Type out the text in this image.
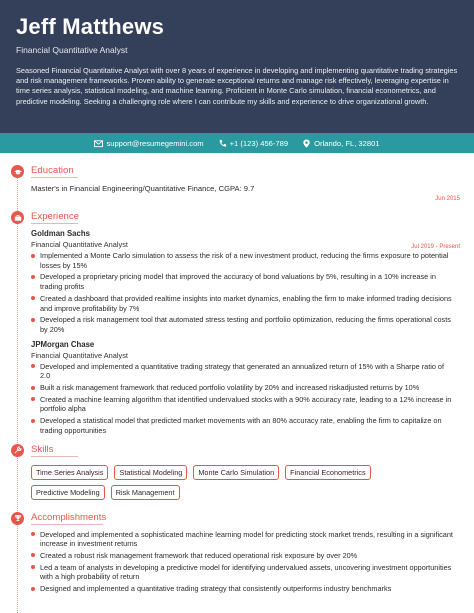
Jeff Matthews
Financial Quantitative Analyst
Seasoned Financial Quantitative Analyst with over 8 years of experience in developing and implementing quantitative trading strategies and risk management frameworks. Proven ability to generate exceptional returns and manage risk effectively, leveraging expertise in time series analysis, statistical modeling, and machine learning. Proficient in Monte Carlo simulation, financial econometrics, and predictive modeling. Seeking a challenging role where I can contribute my skills and experience to drive organizational growth.
support@resumegemini.com	+1 (123) 456-789	Orlando, FL, 32801
Education
Master's in Financial Engineering/Quantitative Finance, CGPA: 9.7
Jun 2015
Experience
Goldman Sachs
Financial Quantitative Analyst	Jul 2019 - Present
Implemented a Monte Carlo simulation to assess the risk of a new investment product, reducing the firms exposure to potential losses by 15%
Developed a proprietary pricing model that improved the accuracy of bond valuations by 5%, resulting in a 10% increase in trading profits
Created a dashboard that provided realtime insights into market dynamics, enabling the firm to make informed trading decisions and improve profitability by 7%
Developed a risk management tool that automated stress testing and portfolio optimization, reducing the firms operational costs by 20%
JPMorgan Chase
Financial Quantitative Analyst
Developed and implemented a quantitative trading strategy that generated an annualized return of 15% with a Sharpe ratio of 2.0
Built a risk management framework that reduced portfolio volatility by 20% and increased riskadjusted returns by 10%
Created a machine learning algorithm that identified undervalued stocks with a 90% accuracy rate, leading to a 12% increase in portfolio alpha
Developed a statistical model that predicted market movements with an 80% accuracy rate, enabling the firm to capitalize on trading opportunities
Skills
Time Series Analysis	Statistical Modeling	Monte Carlo Simulation	Financial Econometrics
Predictive Modeling	Risk Management
Accomplishments
Developed and implemented a sophisticated machine learning model for predicting stock market trends, resulting in a significant increase in investment returns
Created a robust risk management framework that reduced operational risk exposure by over 20%
Led a team of analysts in developing a predictive model for identifying undervalued assets, uncovering investment opportunities with a high probability of return
Designed and implemented a quantitative trading strategy that consistently outperforms industry benchmarks
